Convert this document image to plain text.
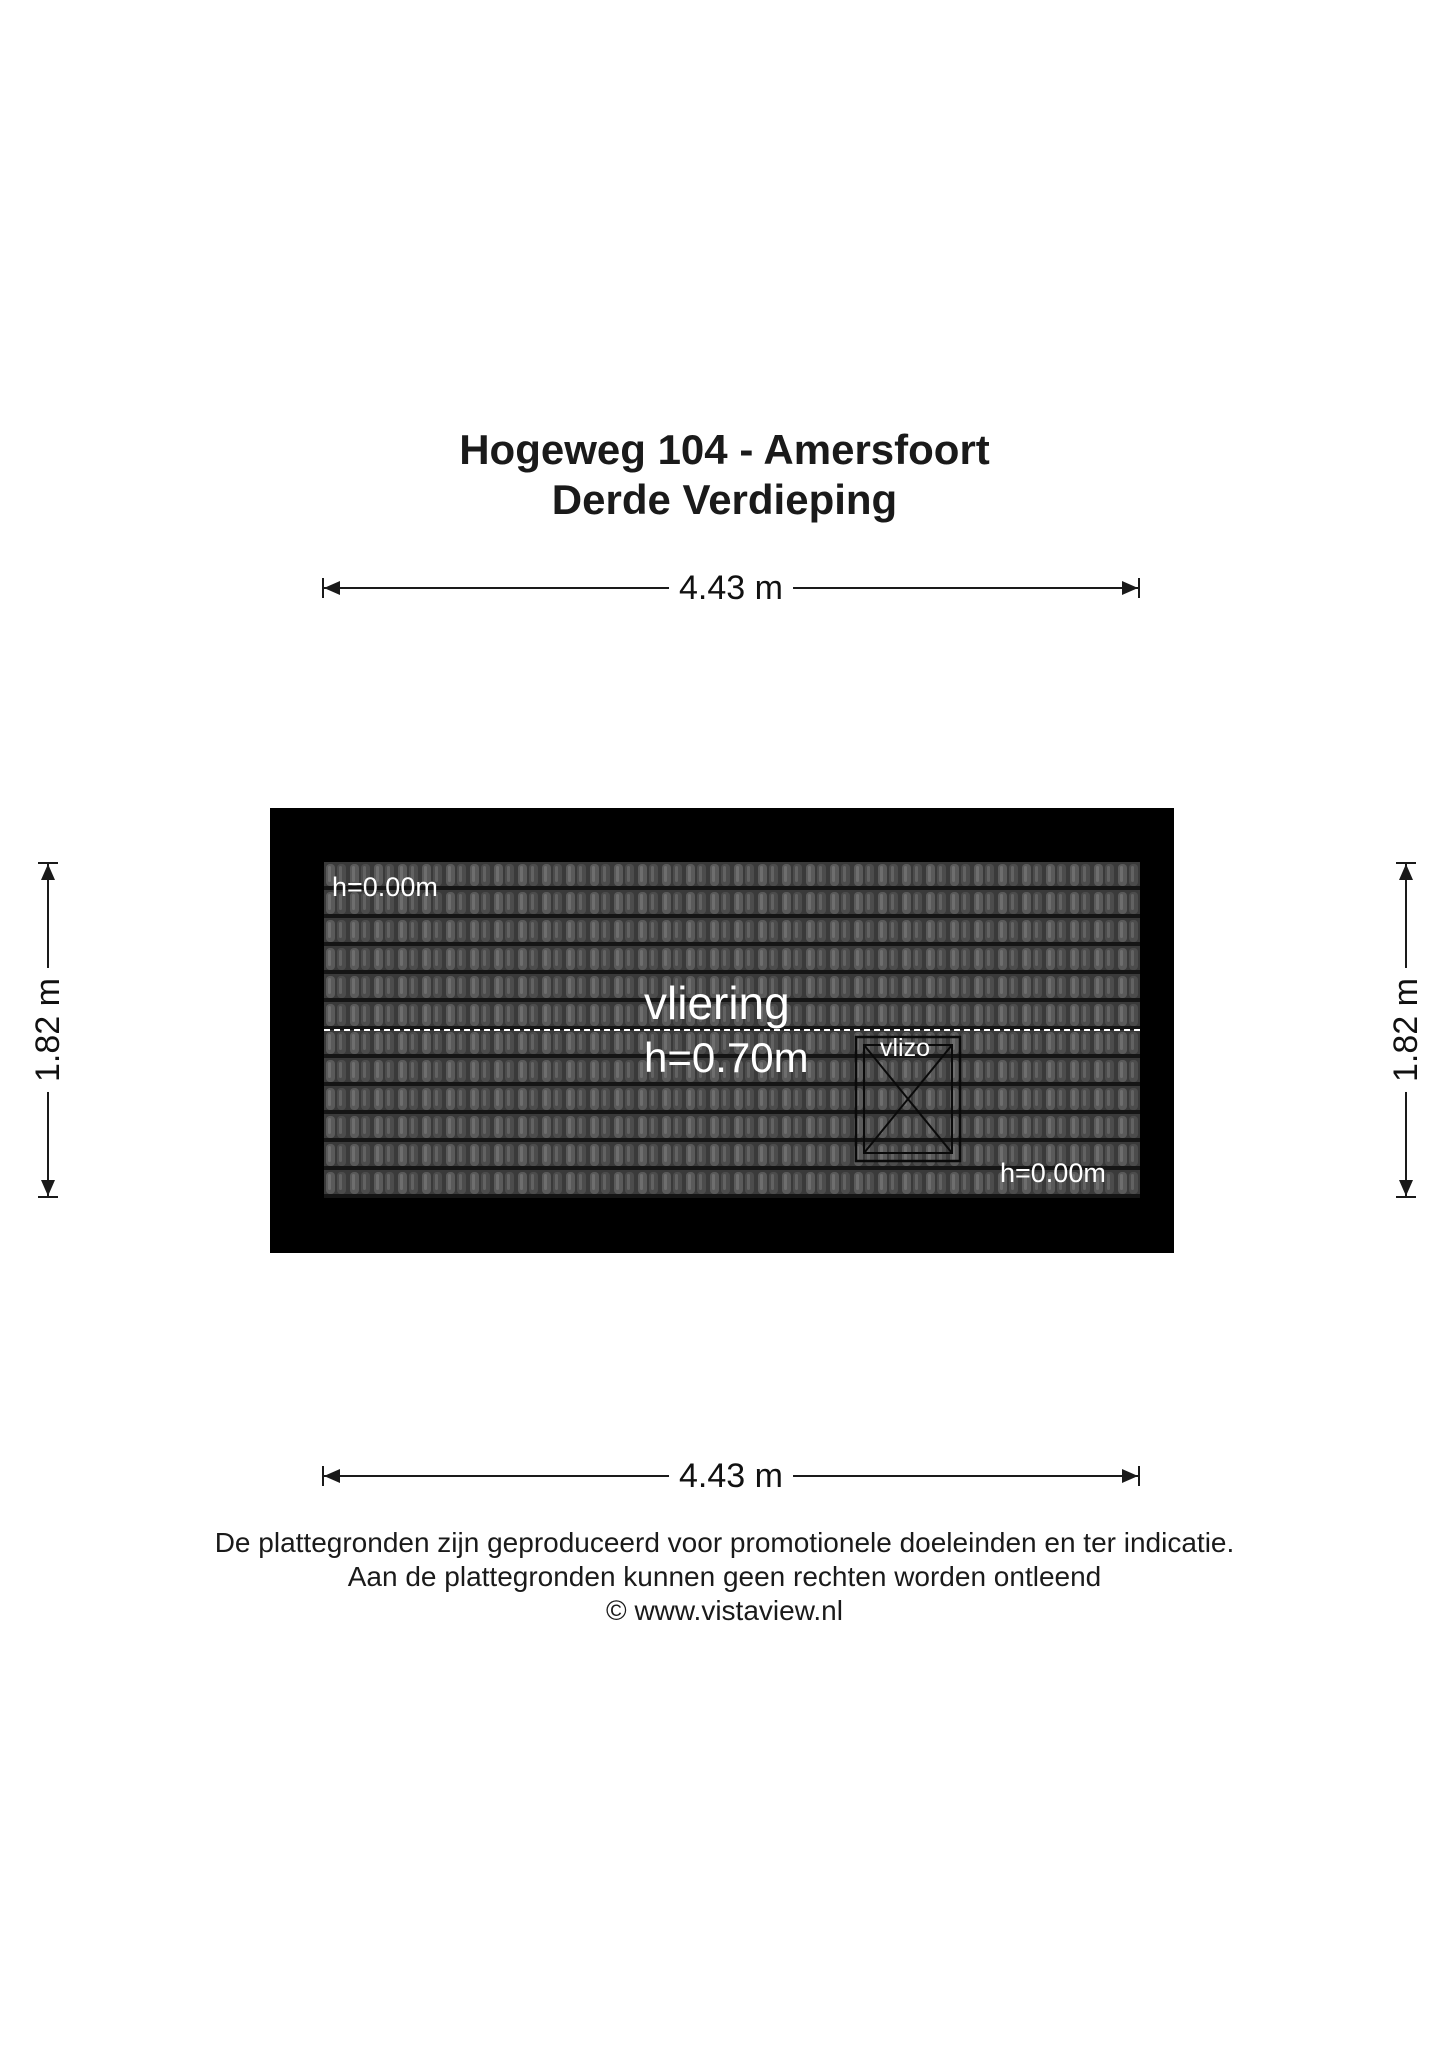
Hogeweg 104 - Amersfoort
Derde Verdieping
4.43 m
1.82 m	1.82 m
h=0.00m
vliering
h=0.70m	vlizo
h=0.00m
4.43 m
De plattegronden zijn geproduceerd voor promotionele doeleinden en ter indicatie.
Aan de plattegronden kunnen geen rechten worden ontleend
© www.vistaview.nl
